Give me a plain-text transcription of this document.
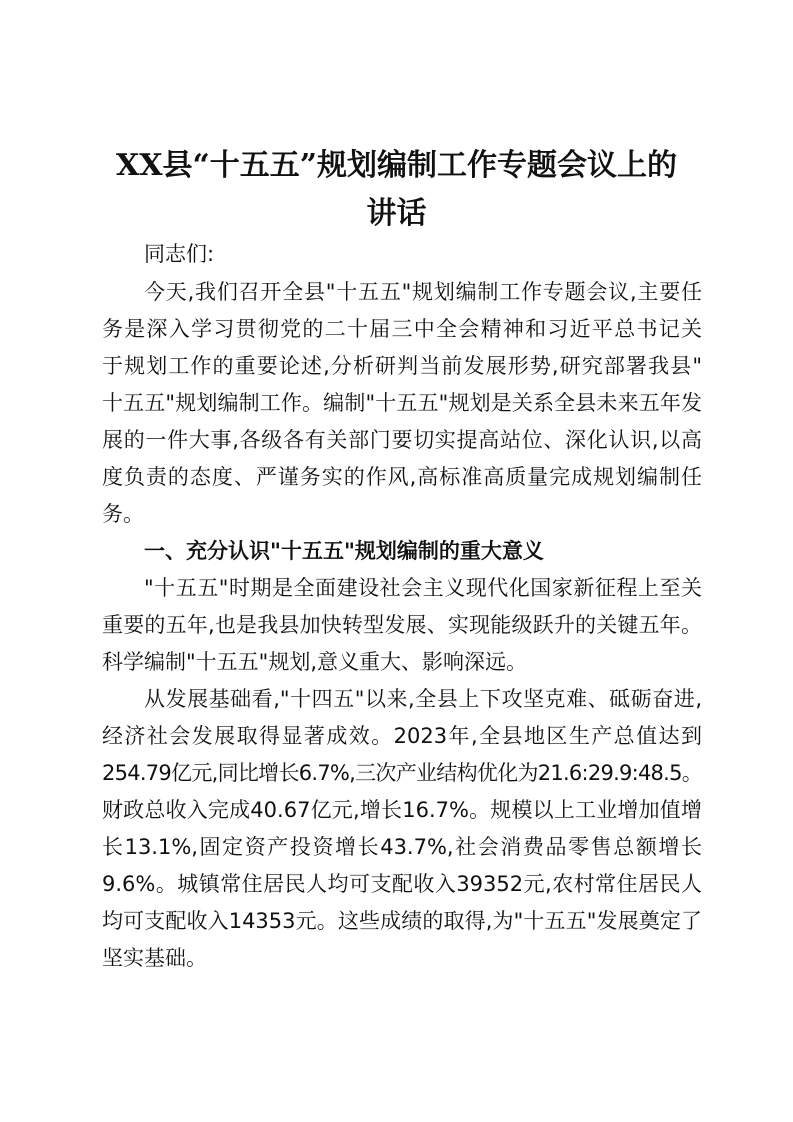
XX县“十五五”规划编制工作专题会议上的
讲话

同志们:

今天,我们召开全县"十五五"规划编制工作专题会议,主要任

务是深入学习贯彻党的二十届三中全会精神和习近平总书记关

于规划工作的重要论述,分析研判当前发展形势,研究部署我县"

十五五"规划编制工作。编制"十五五"规划是关系全县未来五年发

展的一件大事,各级各有关部门要切实提高站位、深化认识,以高

度负责的态度、严谨务实的作风,高标准高质量完成规划编制任

务。

一、充分认识"十五五"规划编制的重大意义

"十五五"时期是全面建设社会主义现代化国家新征程上至关

重要的五年,也是我县加快转型发展、实现能级跃升的关键五年。

科学编制"十五五"规划,意义重大、影响深远。

从发展基础看,"十四五"以来,全县上下攻坚克难、砥砺奋进,

经济社会发展取得显著成效。2023年,全县地区生产总值达到

254.79亿元,同比增长6.7%,三次产业结构优化为21.6:29.9:48.5。

财政总收入完成40.67亿元,增长16.7%。规模以上工业增加值增

长13.1%,固定资产投资增长43.7%,社会消费品零售总额增长

9.6%。城镇常住居民人均可支配收入39352元,农村常住居民人

均可支配收入14353元。这些成绩的取得,为"十五五"发展奠定了

坚实基础。
